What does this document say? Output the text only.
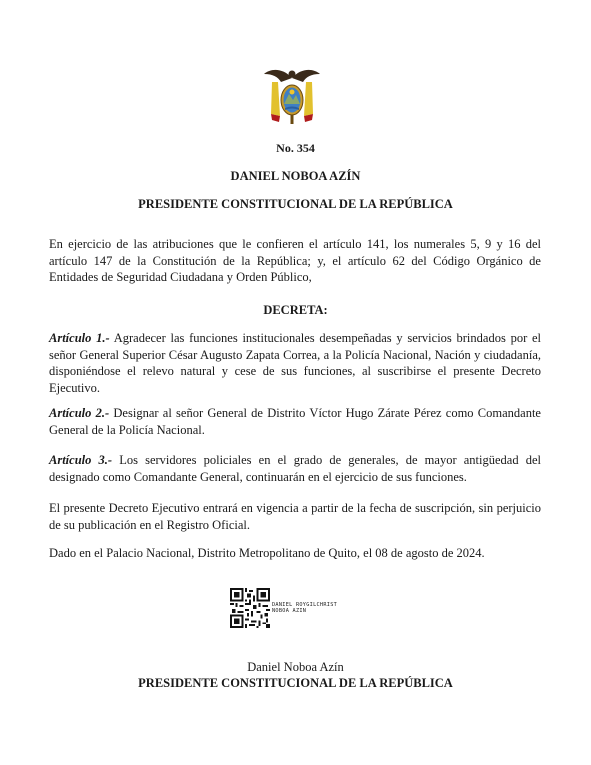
No. 354
DANIEL NOBOA AZÍN
PRESIDENTE CONSTITUCIONAL DE LA REPÚBLICA

En ejercicio de las atribuciones que le confieren el artículo 141, los numerales 5, 9 y 16 del artículo 147 de la Constitución de la República; y, el artículo 62 del Código Orgánico de Entidades de Seguridad Ciudadana y Orden Público,

DECRETA:

Artículo 1.- Agradecer las funciones institucionales desempeñadas y servicios brindados por el señor General Superior César Augusto Zapata Correa, a la Policía Nacional, Nación y ciudadanía, disponiéndose el relevo natural y cese de sus funciones, al suscribirse el presente Decreto Ejecutivo.

Artículo 2.- Designar al señor General de Distrito Víctor Hugo Zárate Pérez como Comandante General de la Policía Nacional.

Artículo 3.- Los servidores policiales en el grado de generales, de mayor antigüedad del designado como Comandante General, continuarán en el ejercicio de sus funciones.

El presente Decreto Ejecutivo entrará en vigencia a partir de la fecha de suscripción, sin perjuicio de su publicación en el Registro Oficial.

Dado en el Palacio Nacional, Distrito Metropolitano de Quito, el 08 de agosto de 2024.

DANIEL ROYGILCHRIST
NOBOA AZIN
Daniel Noboa Azín
PRESIDENTE CONSTITUCIONAL DE LA REPÚBLICA
